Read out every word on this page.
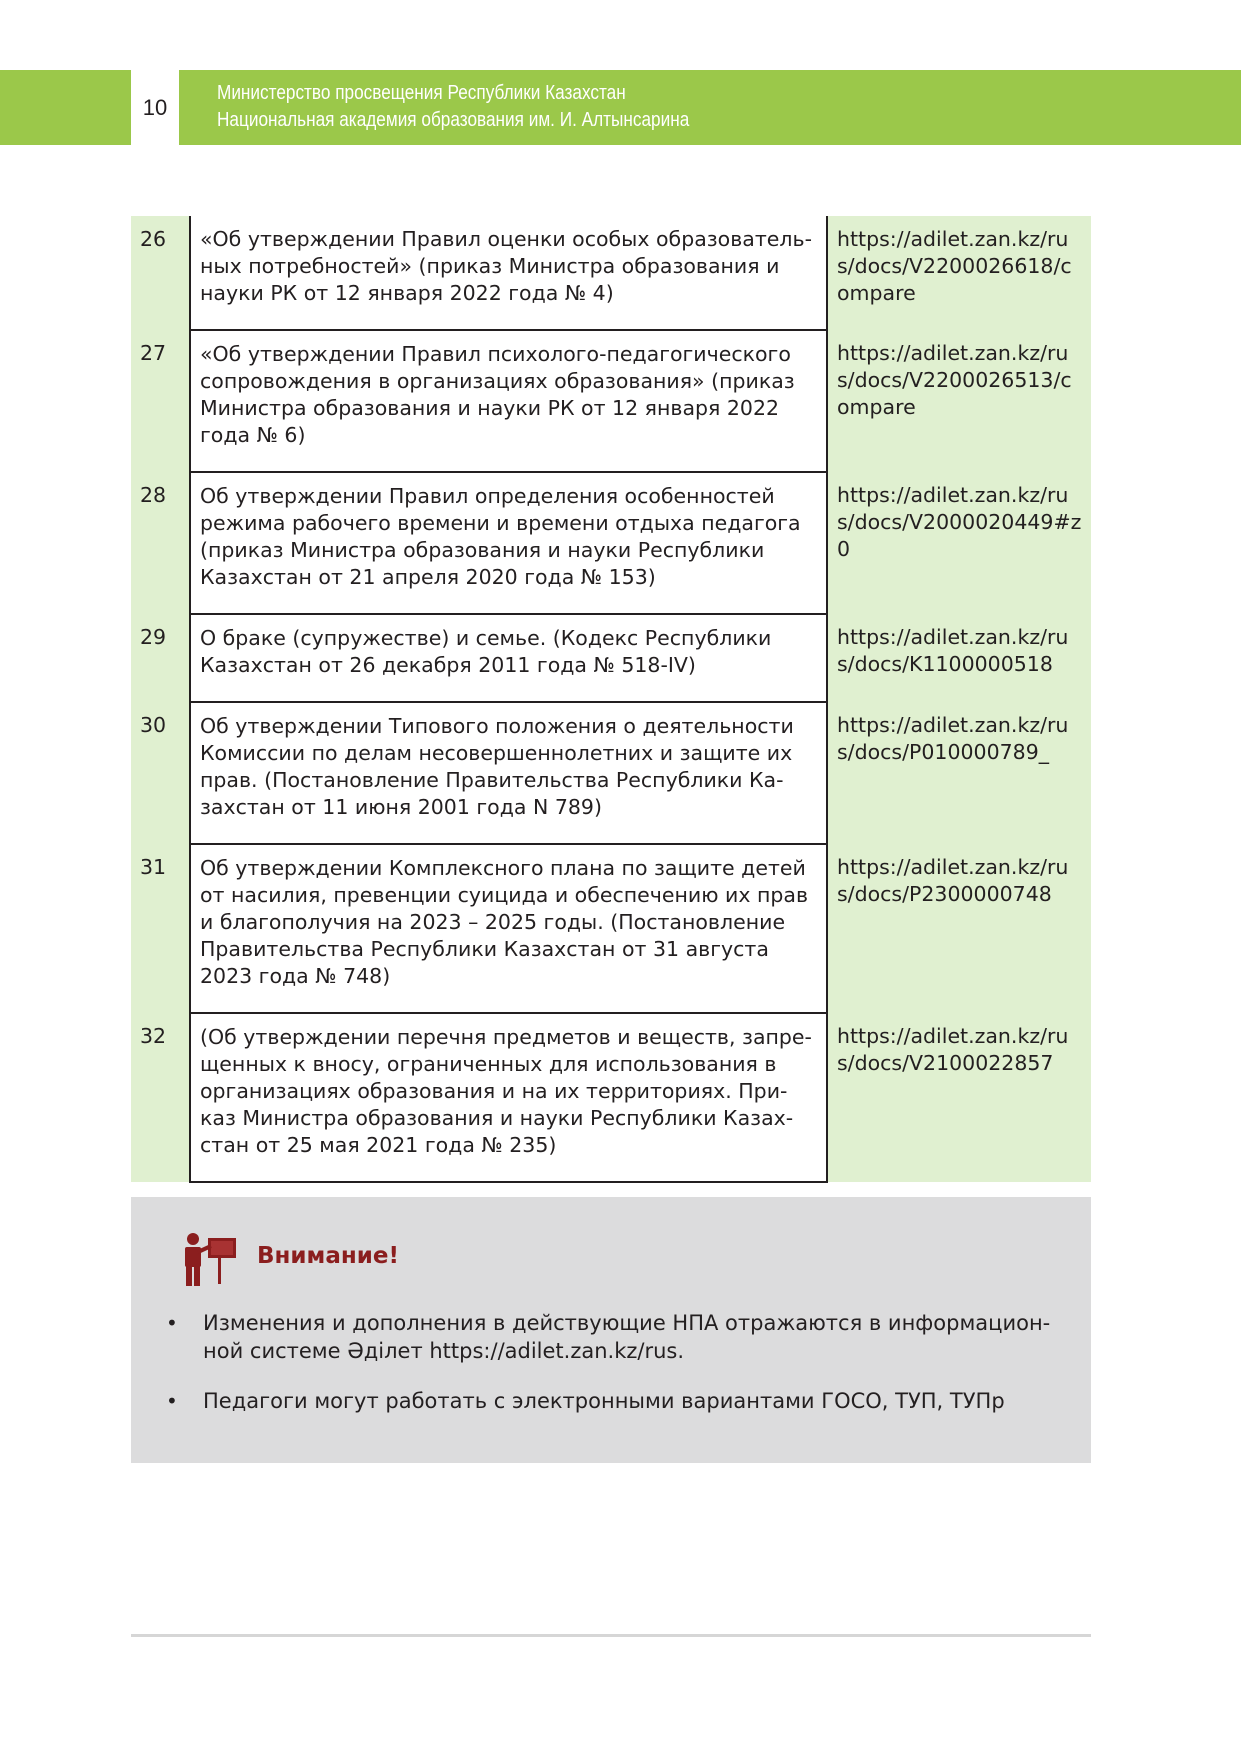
10
Министерство просвещения Республики Казахстан
Национальная академия образования им. И. Алтынсарина
26	«Об утверждении Правил оценки особых образователь-ных потребностей» (приказ Министра образования и науки РК от 12 января 2022 года № 4)	https://adilet.zan.kz/rus/docs/V2200026618/compare
27	«Об утверждении Правил психолого-педагогического сопровождения в организациях образования» (приказ Министра образования и науки РК от 12 января 2022 года № 6)	https://adilet.zan.kz/rus/docs/V2200026513/compare
28	Об утверждении Правил определения особенностей режима рабочего времени и времени отдыха педагога (приказ Министра образования и науки Республики Казахстан от 21 апреля 2020 года № 153)	https://adilet.zan.kz/rus/docs/V2000020449#z0
29	О браке (супружестве) и семье. (Кодекс Республики Казахстан от 26 декабря 2011 года № 518-IV)	https://adilet.zan.kz/rus/docs/K1100000518
30	Об утверждении Типового положения о деятельности Комиссии по делам несовершеннолетних и защите их прав. (Постановление Правительства Республики Ка-захстан от 11 июня 2001 года N 789)	https://adilet.zan.kz/rus/docs/P010000789_
31	Об утверждении Комплексного плана по защите детей от насилия, превенции суицида и обеспечению их прав и благополучия на 2023 – 2025 годы. (Постановление Правительства Республики Казахстан от 31 августа 2023 года № 748)	https://adilet.zan.kz/rus/docs/P2300000748
32	(Об утверждении перечня предметов и веществ, запре-щенных к вносу, ограниченных для использования в организациях образования и на их территориях. При-каз Министра образования и науки Республики Казах-стан от 25 мая 2021 года № 235)	https://adilet.zan.kz/rus/docs/V2100022857
Внимание!
• Изменения и дополнения в действующие НПА отражаются в информацион-ной системе Әділет https://adilet.zan.kz/rus.
• Педагоги могут работать с электронными вариантами ГОСО, ТУП, ТУПр
